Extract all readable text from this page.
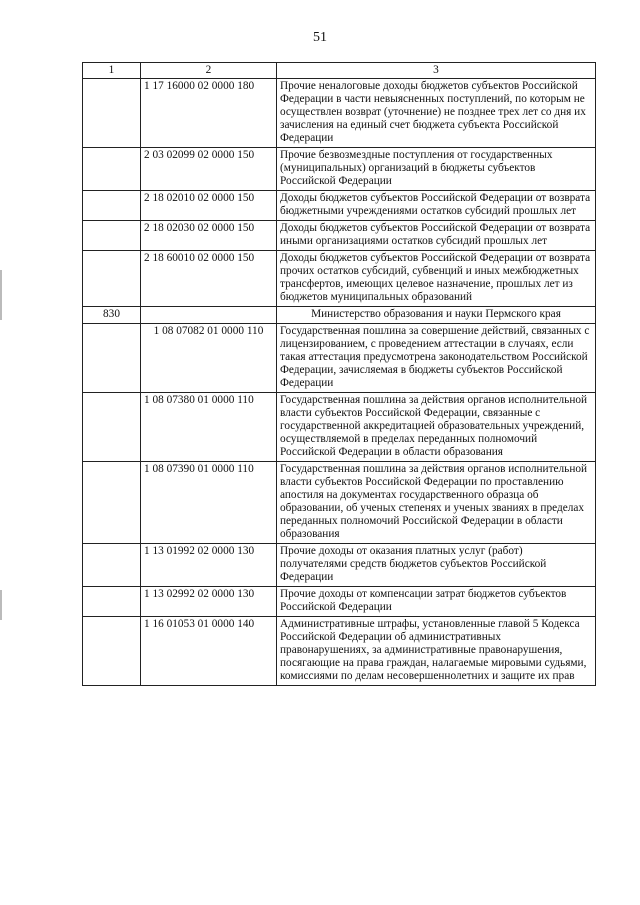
51
1	2	3
	1 17 16000 02 0000 180	Прочие неналоговые доходы бюджетов субъектов Российской Федерации в части невыясненных поступлений, по которым не осуществлен возврат (уточнение) не позднее трех лет со дня их зачисления на единый счет бюджета субъекта Российской Федерации
	2 03 02099 02 0000 150	Прочие безвозмездные поступления от государственных (муниципальных) организаций в бюджеты субъектов Российской Федерации
	2 18 02010 02 0000 150	Доходы бюджетов субъектов Российской Федерации от возврата бюджетными учреждениями остатков субсидий прошлых лет
	2 18 02030 02 0000 150	Доходы бюджетов субъектов Российской Федерации от возврата иными организациями остатков субсидий прошлых лет
	2 18 60010 02 0000 150	Доходы бюджетов субъектов Российской Федерации от возврата прочих остатков субсидий, субвенций и иных межбюджетных трансфертов, имеющих целевое назначение, прошлых лет из бюджетов муниципальных образований
830		Министерство образования и науки Пермского края
	1 08 07082 01 0000 110	Государственная пошлина за совершение действий, связанных с лицензированием, с проведением аттестации в случаях, если такая аттестация предусмотрена законодательством Российской Федерации, зачисляемая в бюджеты субъектов Российской Федерации
	1 08 07380 01 0000 110	Государственная пошлина за действия органов исполнительной власти субъектов Российской Федерации, связанные с государственной аккредитацией образовательных учреждений, осуществляемой в пределах переданных полномочий Российской Федерации в области образования
	1 08 07390 01 0000 110	Государственная пошлина за действия органов исполнительной власти субъектов Российской Федерации по проставлению апостиля на документах государственного образца об образовании, об ученых степенях и ученых званиях в пределах переданных полномочий Российской Федерации в области образования
	1 13 01992 02 0000 130	Прочие доходы от оказания платных услуг (работ) получателями средств бюджетов субъектов Российской Федерации
	1 13 02992 02 0000 130	Прочие доходы от компенсации затрат бюджетов субъектов Российской Федерации
	1 16 01053 01 0000 140	Административные штрафы, установленные главой 5 Кодекса Российской Федерации об административных правонарушениях, за административные правонарушения, посягающие на права граждан, налагаемые мировыми судьями, комиссиями по делам несовершеннолетних и защите их прав
